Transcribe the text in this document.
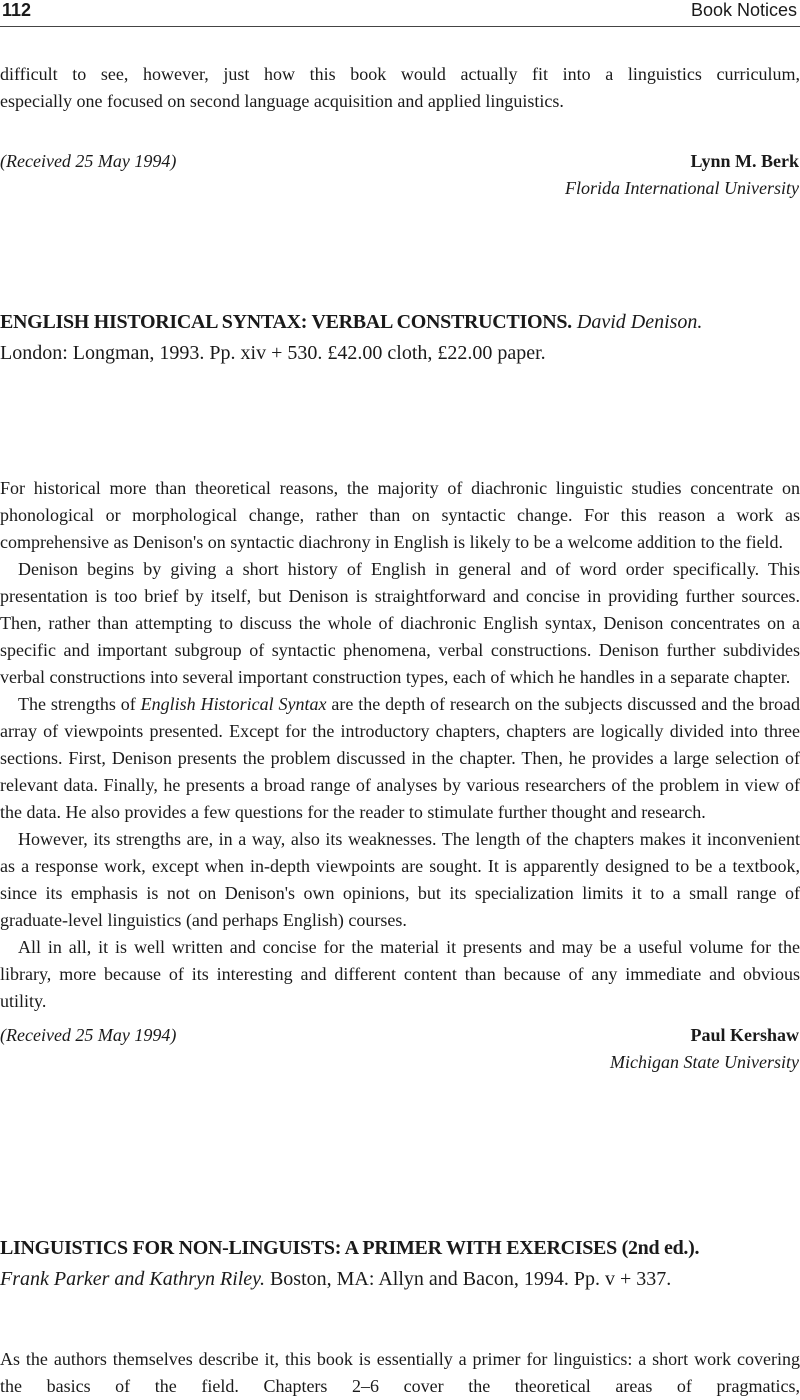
112	Book Notices

difficult to see, however, just how this book would actually fit into a linguistics curriculum,

especially one focused on second language acquisition and applied linguistics.

(Received 25 May 1994)	Lynn M. Berk
Florida International University
ENGLISH HISTORICAL SYNTAX: VERBAL CONSTRUCTIONS. David Denison.
London: Longman, 1993. Pp. xiv + 530. £42.00 cloth, £22.00 paper.

For historical more than theoretical reasons, the majority of diachronic linguistic studies concentrate on phonological or morphological change, rather than on syntactic change. For this reason a work as comprehensive as Denison's on syntactic diachrony in English is likely to be a welcome addition to the field.

Denison begins by giving a short history of English in general and of word order specifically. This presentation is too brief by itself, but Denison is straightforward and concise in providing further sources. Then, rather than attempting to discuss the whole of diachronic English syntax, Denison concentrates on a specific and important subgroup of syntactic phenomena, verbal constructions. Denison further subdivides verbal constructions into several important construction types, each of which he handles in a separate chapter.

The strengths of English Historical Syntax are the depth of research on the subjects discussed and the broad array of viewpoints presented. Except for the introductory chapters, chapters are logically divided into three sections. First, Denison presents the problem discussed in the chapter. Then, he provides a large selection of relevant data. Finally, he presents a broad range of analyses by various researchers of the problem in view of the data. He also provides a few questions for the reader to stimulate further thought and research.

However, its strengths are, in a way, also its weaknesses. The length of the chapters makes it inconvenient as a response work, except when in-depth viewpoints are sought. It is apparently designed to be a textbook, since its emphasis is not on Denison's own opinions, but its specialization limits it to a small range of graduate-level linguistics (and perhaps English) courses.

All in all, it is well written and concise for the material it presents and may be a useful volume for the library, more because of its interesting and different content than because of any immediate and obvious utility.

(Received 25 May 1994)	Paul Kershaw
Michigan State University
LINGUISTICS FOR NON-LINGUISTS: A PRIMER WITH EXERCISES (2nd ed.).
Frank Parker and Kathryn Riley. Boston, MA: Allyn and Bacon, 1994. Pp. v + 337.

As the authors themselves describe it, this book is essentially a primer for linguistics: a short work covering the basics of the field. Chapters 2–6 cover the theoretical areas of pragmatics,
